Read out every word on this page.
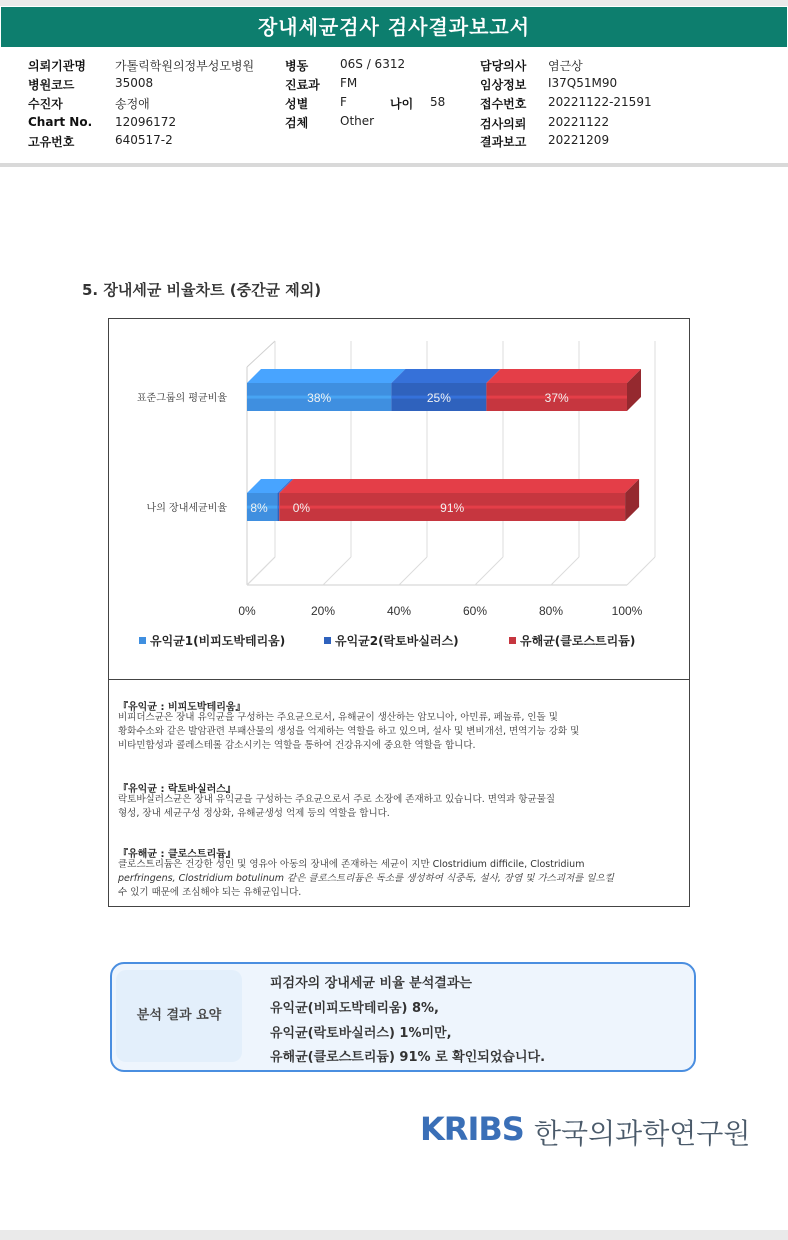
장내세균검사 검사결과보고서
의뢰기관명 가톨릭학원의정부성모병원
병원코드	35008
수진자	송정애
Chart No. 12096172
고유번호	640517-2
병동	06S / 6312
진료과 FM
성별	F	나이 58
검체	Other
담당의사 염근상
임상정보 I37Q51M90
접수번호 20221122-21591
검사의뢰 20221122
결과보고 20221209
5. 장내세균 비율차트 (중간균 제외)
0%	20%	40%	60%	80%	100%
표준그룹의 평균비율	38%	25%	37%
나의 장내세균비율 8% 0%	91%
유익균1(비피도박테리움)	유익균2(락토바실러스)	유해균(클로스트리듐)
『유익균 : 비피도박테리움』
비피더스균은 장내 유익균을 구성하는 주요균으로서, 유해균이 생산하는 암모니아, 아민류, 페놀류, 인돌 및
황화수소와 같은 발암관련 부패산물의 생성을 억제하는 역할을 하고 있으며, 설사 및 변비개선, 면역기능 강화 및
비타민합성과 콜레스테롤 감소시키는 역할을 통하여 건강유지에 중요한 역할을 합니다.
『유익균 : 락토바실러스』
락토바실러스균은 장내 유익균을 구성하는 주요균으로서 주로 소장에 존재하고 있습니다. 면역과 항균물질
형성, 장내 세균구성 정상화, 유해균생성 억제 등의 역할을 합니다.
『유해균 : 클로스트리듐』
클로스트리듐은 건강한 성인 및 영유아 아동의 장내에 존재하는 세균이 지만 Clostridium difficile, Clostridium
perfringens, Clostridium botulinum 같은 클로스트리듐은 독소를 생성하여 식중독, 설사, 장염 및 가스괴저를 일으킬
수 있기 때문에 조심해야 되는 유해균입니다.
분석 결과 요약
피검자의 장내세균 비율 분석결과는
유익균(비피도박테리움) 8%,
유익균(락토바실러스) 1%미만,
유해균(클로스트리듐) 91% 로 확인되었습니다.
KRIBS 한국의과학연구원
